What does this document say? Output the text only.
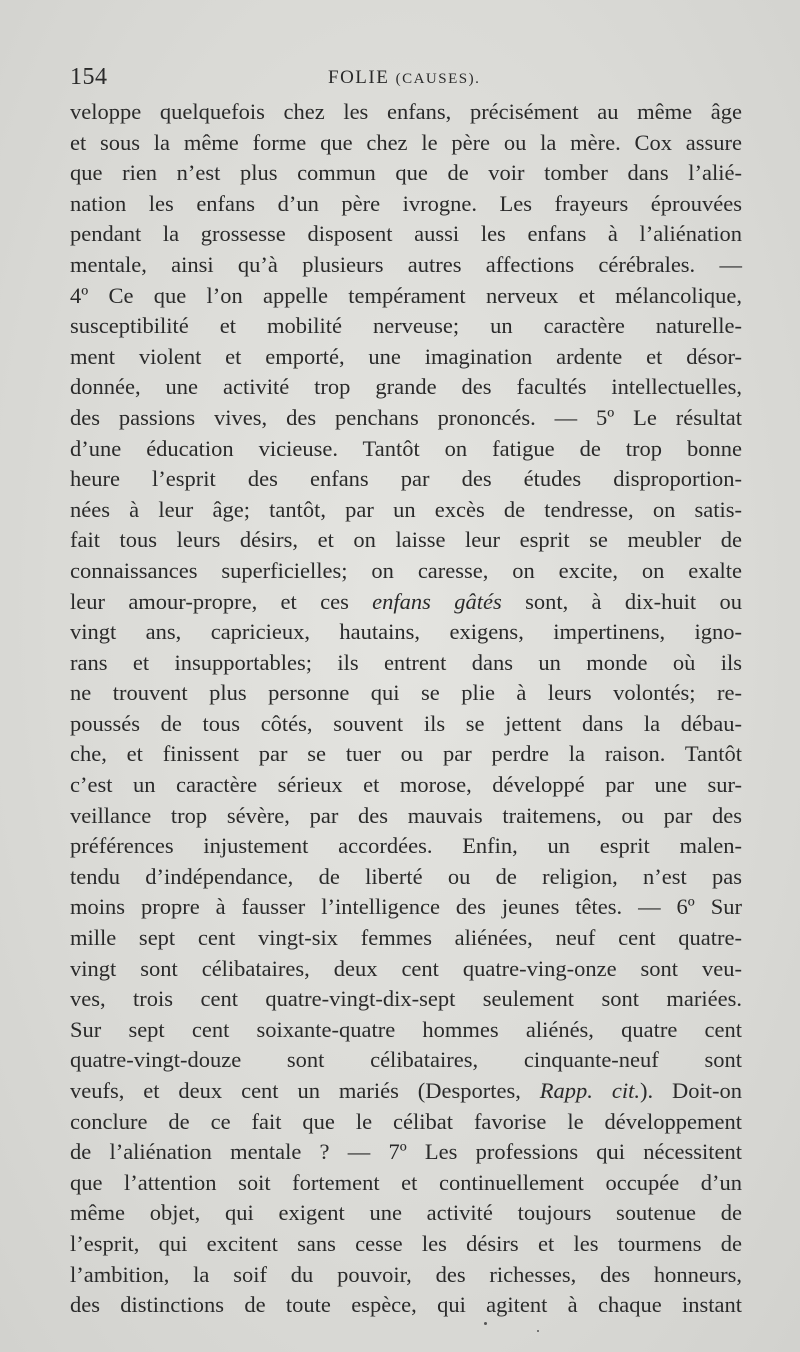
154	FOLIE (CAUSES).
veloppe quelquefois chez les enfans, précisément au même âge
et sous la même forme que chez le père ou la mère. Cox assure
que rien n’est plus commun que de voir tomber dans l’alié-
nation les enfans d’un père ivrogne. Les frayeurs éprouvées
pendant la grossesse disposent aussi les enfans à l’aliénation
mentale, ainsi qu’à plusieurs autres affections cérébrales. —
4º Ce que l’on appelle tempérament nerveux et mélancolique,
susceptibilité et mobilité nerveuse; un caractère naturelle-
ment violent et emporté, une imagination ardente et désor-
donnée, une activité trop grande des facultés intellectuelles,
des passions vives, des penchans prononcés. — 5º Le résultat
d’une éducation vicieuse. Tantôt on fatigue de trop bonne
heure l’esprit des enfans par des études disproportion-
nées à leur âge; tantôt, par un excès de tendresse, on satis-
fait tous leurs désirs, et on laisse leur esprit se meubler de
connaissances superficielles; on caresse, on excite, on exalte
leur amour-propre, et ces enfans gâtés sont, à dix-huit ou
vingt ans, capricieux, hautains, exigens, impertinens, igno-
rans et insupportables; ils entrent dans un monde où ils
ne trouvent plus personne qui se plie à leurs volontés; re-
poussés de tous côtés, souvent ils se jettent dans la débau-
che, et finissent par se tuer ou par perdre la raison. Tantôt
c’est un caractère sérieux et morose, développé par une sur-
veillance trop sévère, par des mauvais traitemens, ou par des
préférences injustement accordées. Enfin, un esprit malen-
tendu d’indépendance, de liberté ou de religion, n’est pas
moins propre à fausser l’intelligence des jeunes têtes. — 6º Sur
mille sept cent vingt-six femmes aliénées, neuf cent quatre-
vingt sont célibataires, deux cent quatre-ving-onze sont veu-
ves, trois cent quatre-vingt-dix-sept seulement sont mariées.
Sur sept cent soixante-quatre hommes aliénés, quatre cent
quatre-vingt-douze sont célibataires, cinquante-neuf sont
veufs, et deux cent un mariés (Desportes, Rapp. cit.). Doit-on
conclure de ce fait que le célibat favorise le développement
de l’aliénation mentale ? — 7º Les professions qui nécessitent
que l’attention soit fortement et continuellement occupée d’un
même objet, qui exigent une activité toujours soutenue de
l’esprit, qui excitent sans cesse les désirs et les tourmens de
l’ambition, la soif du pouvoir, des richesses, des honneurs,
des distinctions de toute espèce, qui agitent à chaque instant
